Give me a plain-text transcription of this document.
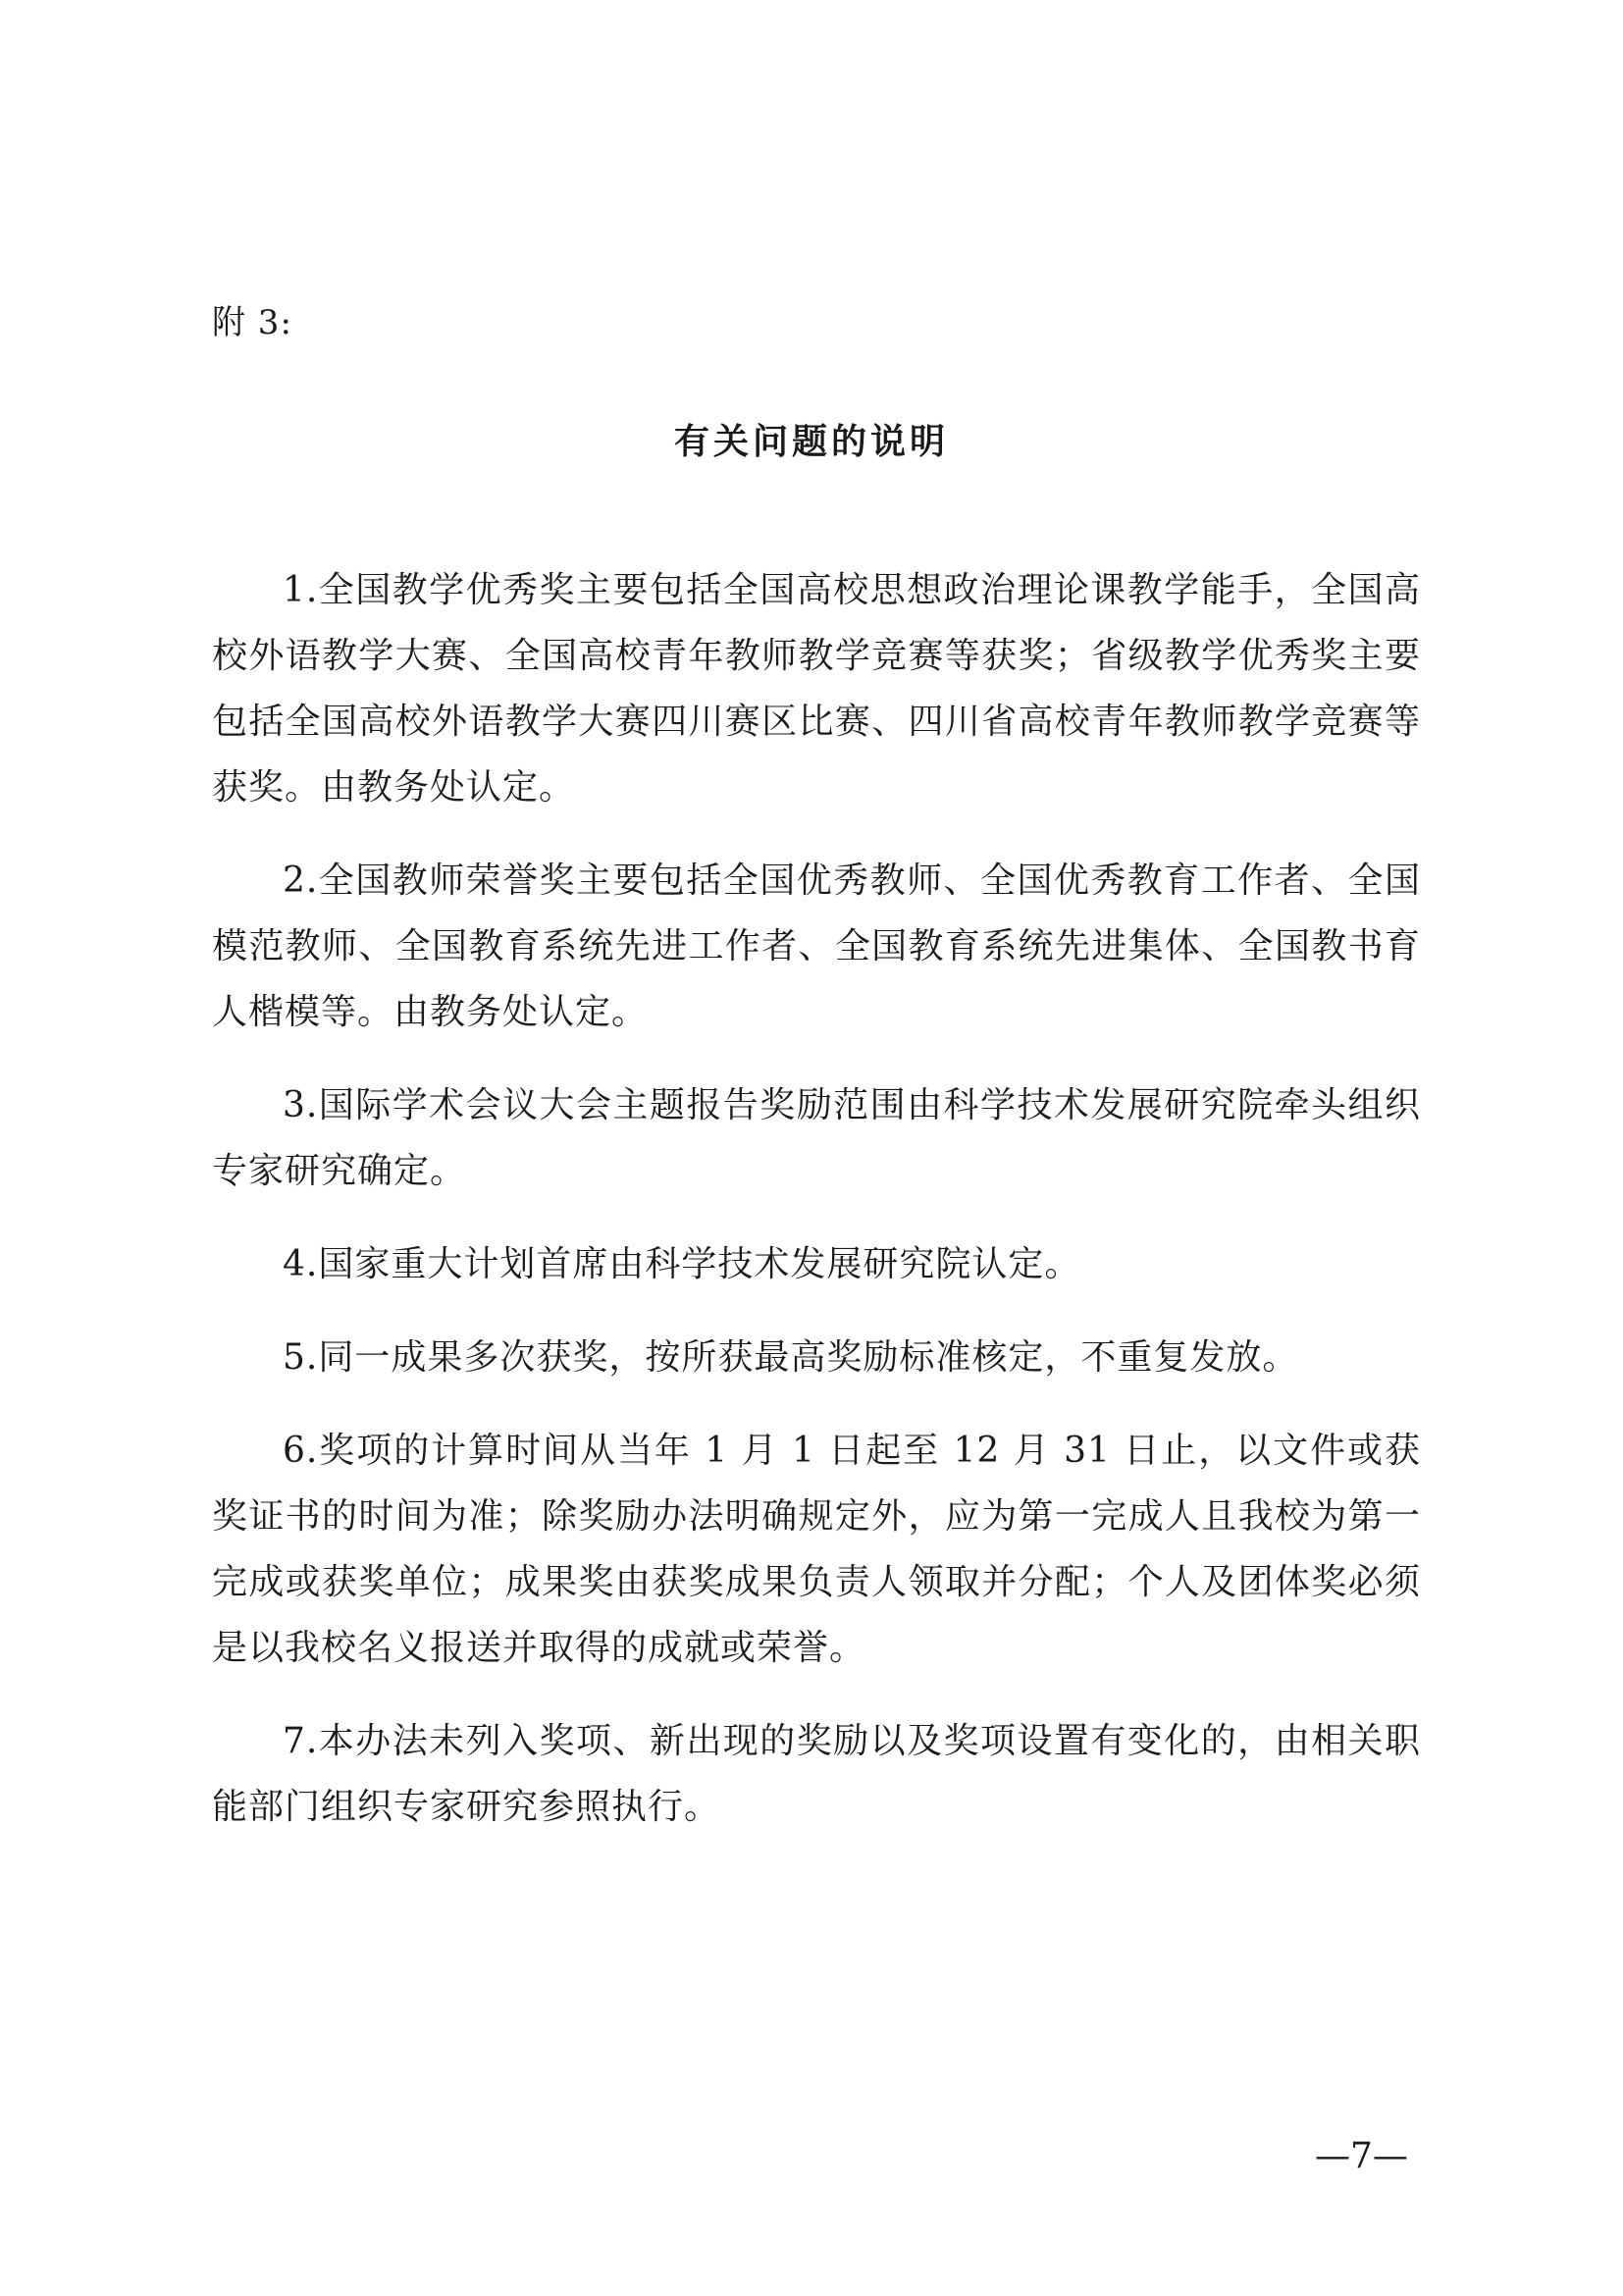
附 3:
有关问题的说明

1.全国教学优秀奖主要包括全国高校思想政治理论课教学能手，全国高校外语教学大赛、全国高校青年教师教学竞赛等获奖；省级教学优秀奖主要包括全国高校外语教学大赛四川赛区比赛、四川省高校青年教师教学竞赛等获奖。由教务处认定。

2.全国教师荣誉奖主要包括全国优秀教师、全国优秀教育工作者、全国模范教师、全国教育系统先进工作者、全国教育系统先进集体、全国教书育人楷模等。由教务处认定。

3.国际学术会议大会主题报告奖励范围由科学技术发展研究院牵头组织专家研究确定。

4.国家重大计划首席由科学技术发展研究院认定。

5.同一成果多次获奖，按所获最高奖励标准核定，不重复发放。

6.奖项的计算时间从当年 1 月 1 日起至 12 月 31 日止，以文件或获奖证书的时间为准；除奖励办法明确规定外，应为第一完成人且我校为第一完成或获奖单位；成果奖由获奖成果负责人领取并分配；个人及团体奖必须是以我校名义报送并取得的成就或荣誉。

7.本办法未列入奖项、新出现的奖励以及奖项设置有变化的，由相关职能部门组织专家研究参照执行。

—7—
